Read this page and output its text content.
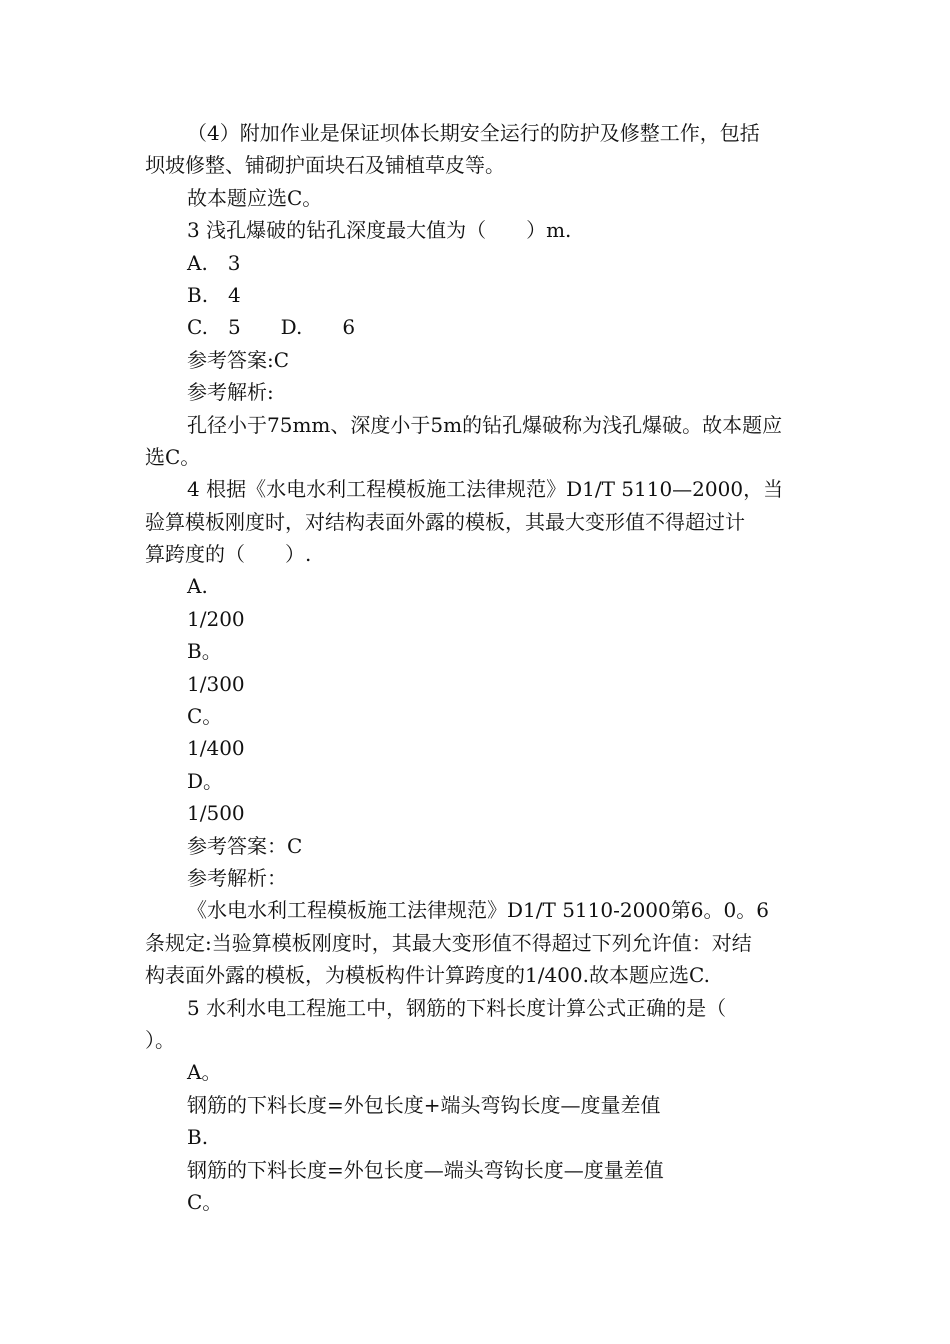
（4）附加作业是保证坝体长期安全运行的防护及修整工作，包括
坝坡修整、铺砌护面块石及铺植草皮等。
故本题应选C。
3 浅孔爆破的钻孔深度最大值为（　　）m.
A.　3
B.　4
C.　5　　D.　　6
参考答案:C
参考解析:
孔径小于75mm、深度小于5m的钻孔爆破称为浅孔爆破。故本题应
选C。
4 根据《水电水利工程模板施工法律规范》D1/T 5110—2000，当
验算模板刚度时，对结构表面外露的模板，其最大变形值不得超过计
算跨度的（　　）.
A.
1/200
B。
1/300
C。
1/400
D。
1/500
参考答案：C
参考解析：
《水电水利工程模板施工法律规范》D1/T 5110-2000第6。0。6
条规定:当验算模板刚度时，其最大变形值不得超过下列允许值：对结
构表面外露的模板，为模板构件计算跨度的1/400.故本题应选C.
5 水利水电工程施工中，钢筋的下料长度计算公式正确的是（
）。
A。
钢筋的下料长度=外包长度+端头弯钩长度—度量差值
B.
钢筋的下料长度=外包长度—端头弯钩长度—度量差值
C。
